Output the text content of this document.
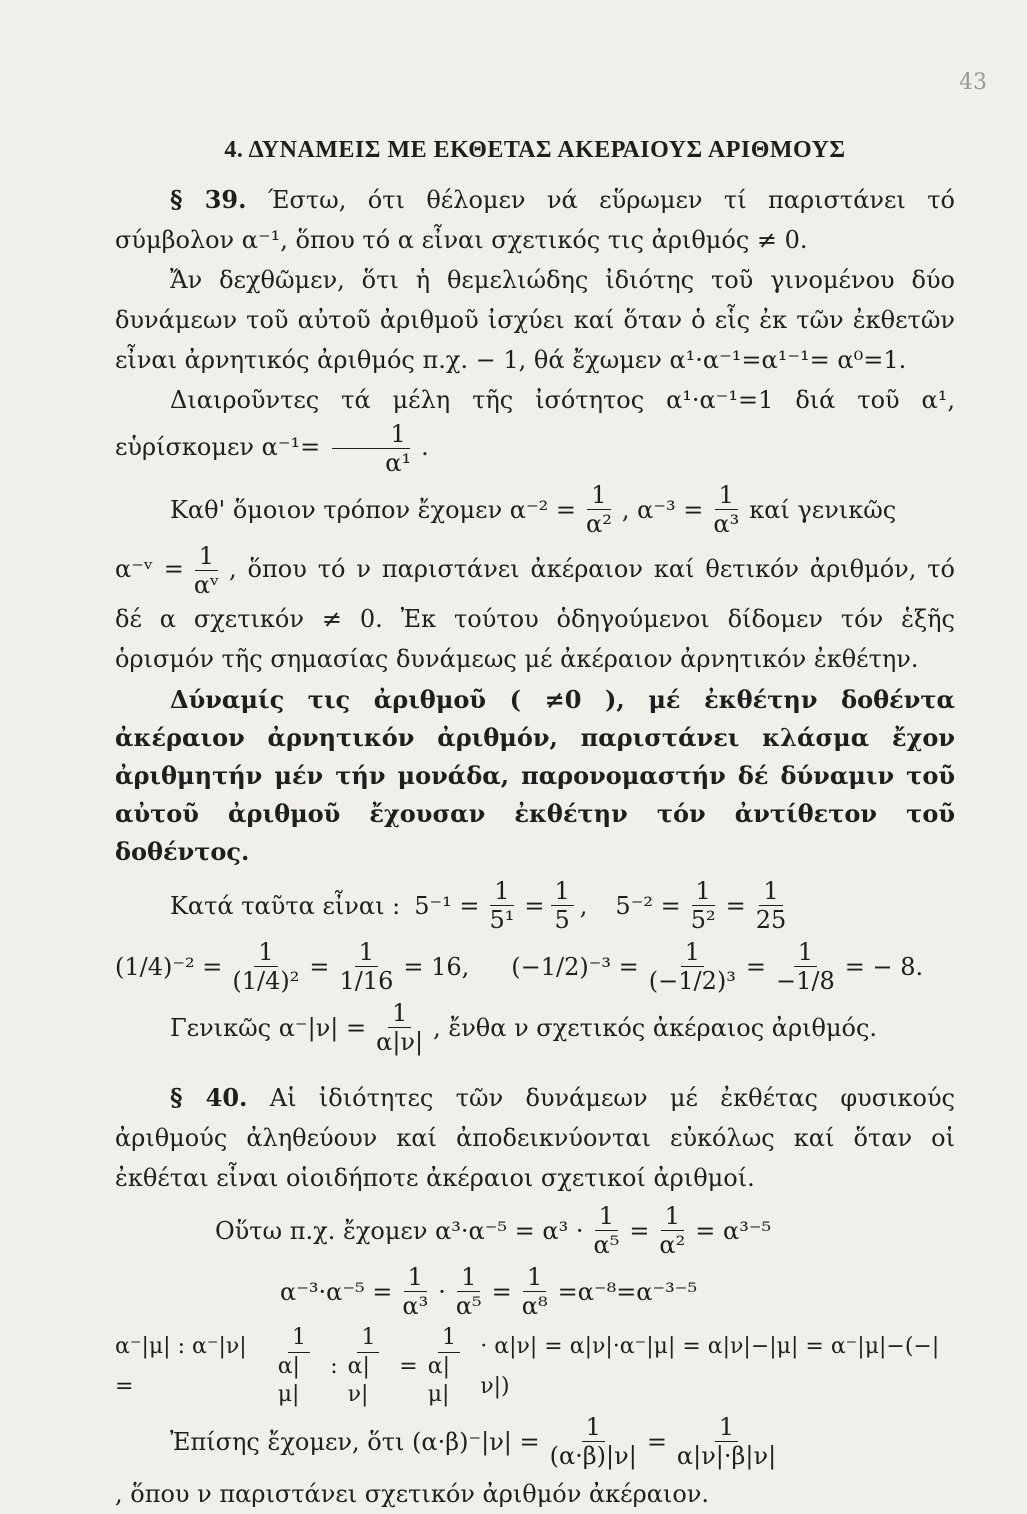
43
4. ΔΥΝΑΜΕΙΣ ΜΕ ΕΚΘΕΤΑΣ ΑΚΕΡΑΙΟΥΣ ΑΡΙΘΜΟΥΣ

§ 39. Έστω, ότι θέλομεν νά εὕρωμεν τί παριστάνει τό σύμβολον α⁻¹, ὅπου τό α εἶναι σχετικός τις ἀριθμός ≠ 0.

Ἄν δεχθῶμεν, ὅτι ἡ θεμελιώδης ἰδιότης τοῦ γινομένου δύο δυνάμεων τοῦ αὐτοῦ ἀριθμοῦ ἰσχύει καί ὅταν ὁ εἷς ἐκ τῶν ἐκθετῶν εἶναι ἀρνητικός ἀριθμός π.χ. − 1, θά ἔχωμεν α¹·α⁻¹=α¹⁻¹= α⁰=1.

Διαιροῦντες τά μέλη τῆς ἰσότητος α¹·α⁻¹=1 διά τοῦ α¹, εὑρίσκομεν $\alpha^{-1}= \frac{1}{\text{α¹}}$ .

Καθ' ὅμοιον τρόπον ἔχομεν $\alpha^{-2} = \frac{1}{\text{α²}}$ , $\alpha^{-3} = \frac{1}{\text{α³}}$ καί γενικῶς

α⁻ᵛ = $\frac{1}{\text{αᵛ}}$ , ὅπου τό ν παριστάνει ἀκέραιον καί θετικόν ἀριθμόν, τό δέ α σχετικόν ≠ 0. Ἐκ τούτου ὁδηγούμενοι δίδομεν τόν ἑξῆς ὁρισμόν τῆς σημασίας δυνάμεως μέ ἀκέραιον ἀρνητικόν ἐκθέτην.

Δύναμίς τις ἀριθμοῦ ( ≠0 ), μέ ἐκθέτην δοθέντα ἀκέραιον ἀρνητικόν ἀριθμόν, παριστάνει κλάσμα ἔχον ἀριθμητήν μέν τήν μονάδα, παρονομαστήν δέ δύναμιν τοῦ αὐτοῦ ἀριθμοῦ ἔχουσαν ἐκθέτην τόν ἀντίθετον τοῦ δοθέντος.

Κατά ταῦτα εἶναι : $5^{-1} = \frac{1}{\text{5¹}} = \frac{1}{5}$ , $5^{-2} = \frac{1}{\text{5²}} = \frac{1}{25}$
$(1/4)^{-2} = \frac{1}{\text{(1/4)²}} = \frac{1}{1/16} = 16$, $(-1/2)^{-3} = \frac{1}{\text{(−1/2)³}} = \frac{1}{-1/8}$ = − 8.
Γενικῶς $\alpha^-|\nu| = \frac{1}{\alpha|\nu|}$ , ἔνθα ν σχετικός ἀκέραιος ἀριθμός.

§ 40. Αἱ ἰδιότητες τῶν δυνάμεων μέ ἐκθέτας φυσικούς ἀριθμούς ἀληθεύουν καί ἀποδεικνύονται εὐκόλως καί ὅταν οἱ ἐκθέται εἶναι οἱοιδήποτε ἀκέραιοι σχετικοί ἀριθμοί.

Οὕτω π.χ. ἔχομεν $\alpha^3\cdot\alpha^{-5} = \alpha^3 \cdot \frac{1}{\text{α⁵}} = \frac{1}{\text{α²}} = \alpha^{3-5}$
$\alpha^{-3}\cdot\alpha^{-5} = \frac{1}{\text{α³}} \cdot \frac{1}{\text{α⁵}} = \frac{1}{\text{α⁸}} =\alpha^{-8}=\alpha^{-3-5}$
α⁻|μ| : α⁻|ν| =	$\frac{1}{\alpha|\mu|}$ : $\frac{1}{\alpha|\nu|} = \frac{1}{\alpha|\mu|} \cdot \alpha|\nu| = \alpha|\nu|\cdot\alpha^-|\mu| = \alpha|\nu|-|\mu| = \alpha^-|\mu|-(-|\nu|)$
Ἐπίσης ἔχομεν, ὅτι $(\alpha\cdot\beta)^-|\nu| = \frac{1}{(\alpha\cdot\beta)|\nu|} = \frac{1}{\alpha|\nu|\cdot\beta|\nu|}$

, ὅπου ν παριστάνει σχετικόν ἀριθμόν ἀκέραιον.
